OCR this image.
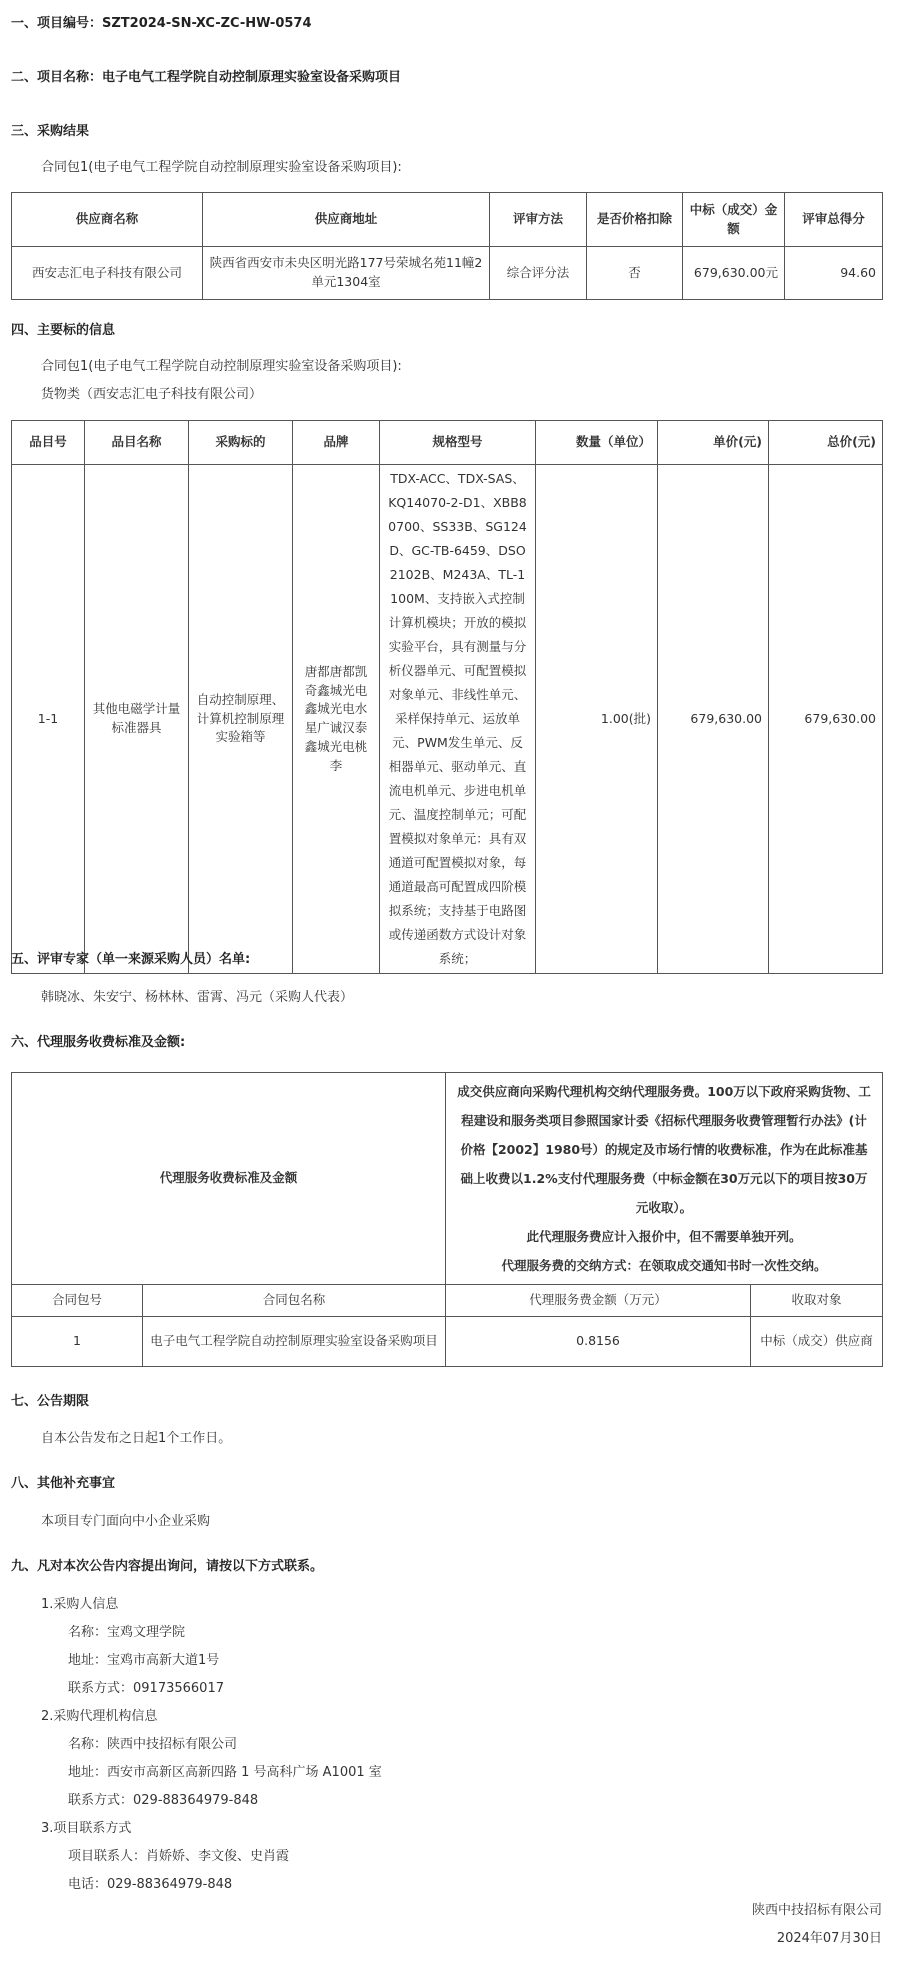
一、项目编号：SZT2024-SN-XC-ZC-HW-0574
二、项目名称：电子电气工程学院自动控制原理实验室设备采购项目
三、采购结果
合同包1(电子电气工程学院自动控制原理实验室设备采购项目):
供应商名称	供应商地址	评审方法	是否价格扣除	中标（成交）金额	评审总得分
西安志汇电子科技有限公司	陕西省西安市未央区明光路177号荣城名苑11幢2单元1304室	综合评分法	否	679,630.00元	94.60
四、主要标的信息
合同包1(电子电气工程学院自动控制原理实验室设备采购项目):
货物类（西安志汇电子科技有限公司）
品目号	品目名称	采购标的	品牌	规格型号	数量（单位）	单价(元)	总价(元)
1-1	其他电磁学计量标准器具	自动控制原理、计算机控制原理实验箱等	唐都唐都凯奇鑫城光电鑫城光电水星广诚汉泰鑫城光电桃李	TDX-ACC、TDX-SAS、KQ14070-2-D1、XBB80700、SS33B、SG124D、GC-TB-6459、DSO2102B、M243A、TL-1100M、支持嵌入式控制计算机模块；开放的模拟实验平台，具有测量与分析仪器单元、可配置模拟对象单元、非线性单元、采样保持单元、运放单元、PWM发生单元、反相器单元、驱动单元、直流电机单元、步进电机单元、温度控制单元；可配置模拟对象单元：具有双通道可配置模拟对象，每通道最高可配置成四阶模拟系统；支持基于电路图或传递函数方式设计对象系统；	1.00(批)	679,630.00	679,630.00
五、评审专家（单一来源采购人员）名单:
韩晓冰、朱安宁、杨林林、雷霄、冯元（采购人代表）
六、代理服务收费标准及金额:
代理服务收费标准及金额		成交供应商向采购代理机构交纳代理服务费。100万以下政府采购货物、工程建设和服务类项目参照国家计委《招标代理服务收费管理暂行办法》(计价格【2002】1980号）的规定及市场行情的收费标准，作为在此标准基础上收费以1.2%支付代理服务费（中标金额在30万元以下的项目按30万元收取）。
此代理服务费应计入报价中，但不需要单独开列。
代理服务费的交纳方式：在领取成交通知书时一次性交纳。	

合同包号	合同包名称	代理服务费金额（万元）	收取对象
1	电子电气工程学院自动控制原理实验室设备采购项目	0.8156	中标（成交）供应商
七、公告期限
自本公告发布之日起1个工作日。
八、其他补充事宜
本项目专门面向中小企业采购
九、凡对本次公告内容提出询问，请按以下方式联系。
1.采购人信息
名称：宝鸡文理学院
地址：宝鸡市高新大道1号
联系方式：09173566017
2.采购代理机构信息
名称：陕西中技招标有限公司
地址：西安市高新区高新四路 1 号高科广场 A1001 室
联系方式：029-88364979-848
3.项目联系方式
项目联系人：肖娇娇、李文俊、史肖霞
电话：029-88364979-848
陕西中技招标有限公司
2024年07月30日
